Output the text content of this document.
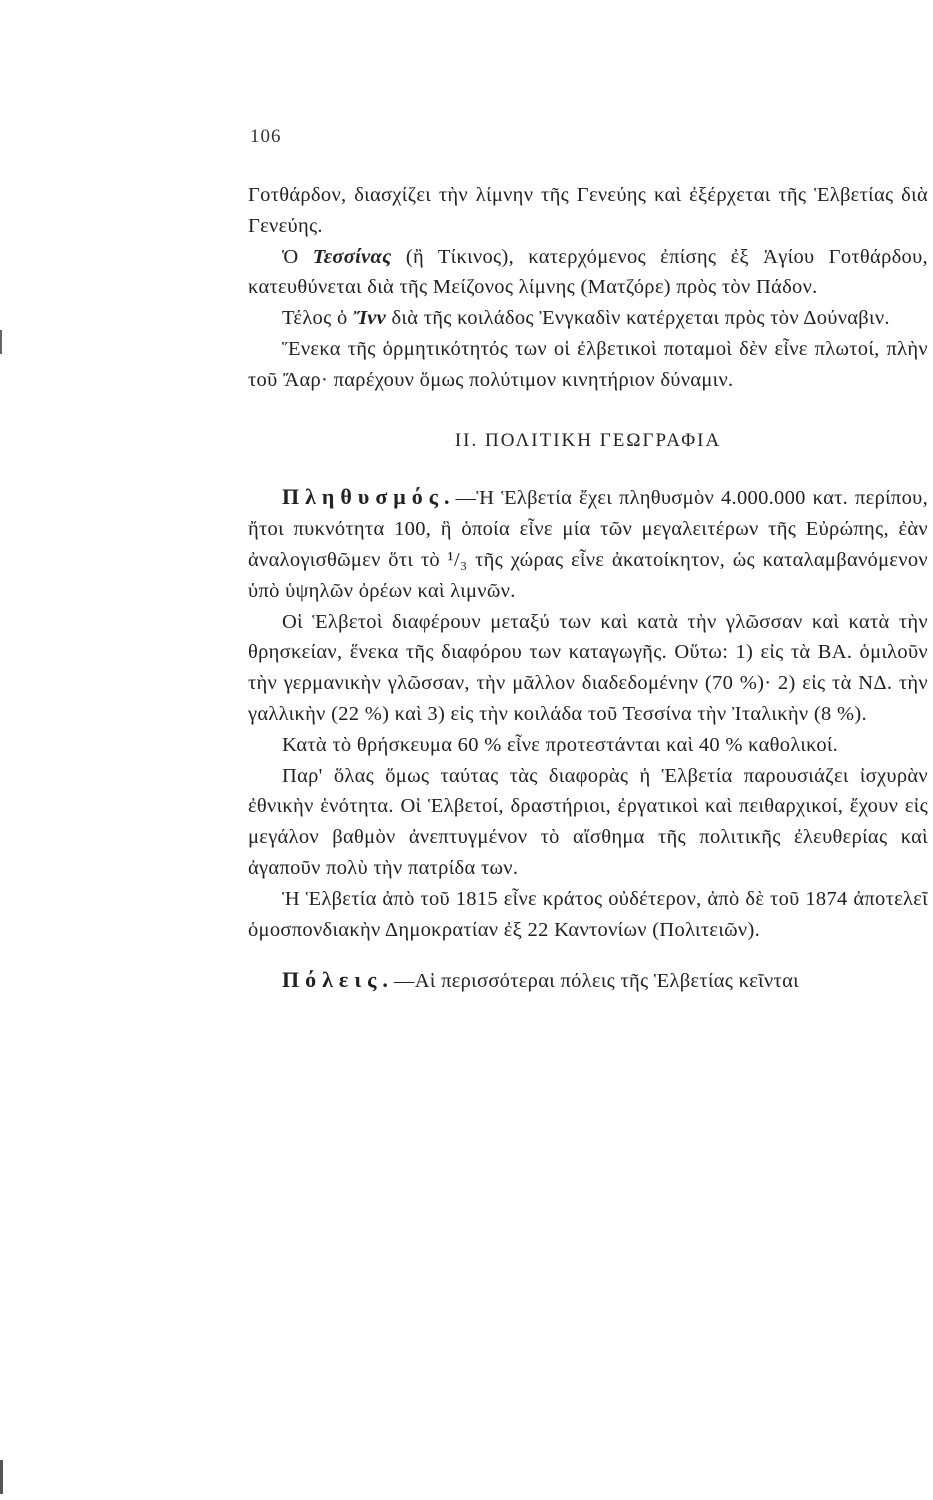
106

Γοτθάρδον, διασχίζει τὴν λίμνην τῆς Γενεύης καὶ ἐξέρχεται τῆς Ἑλβετίας διὰ Γενεύης.

Ὁ Τεσσίνας (ἢ Τίκινος), κατερχόμενος ἐπίσης ἐξ Ἁγίου Γοτθάρδου, κατευθύνεται διὰ τῆς Μείζονος λίμνης (Ματζόρε) πρὸς τὸν Πάδον.

Τέλος ὁ Ἴνν διὰ τῆς κοιλάδος Ἐνγκαδὶν κατέρχεται πρὸς τὸν Δούναβιν.

Ἕνεκα τῆς ὁρμητικότητός των οἱ ἐλβετικοὶ ποταμοὶ δὲν εἶνε πλωτοί, πλὴν τοῦ Ἄαρ· παρέχουν ὅμως πολύτιμον κινητήριον δύναμιν.

II. ΠΟΛΙΤΙΚΗ ΓΕΩΓΡΑΦΙΑ

Πληθυσμός.—Ἡ Ἑλβετία ἔχει πληθυσμὸν 4.000.000 κατ. περίπου, ἤτοι πυκνότητα 100, ἣ ὁποία εἶνε μία τῶν μεγαλειτέρων τῆς Εὐρώπης, ἐὰν ἀναλογισθῶμεν ὅτι τὸ ¹/₃ τῆς χώρας εἶνε ἀκατοίκητον, ὡς καταλαμβανόμενον ὑπὸ ὑψηλῶν ὀρέων καὶ λιμνῶν.

Οἱ Ἑλβετοὶ διαφέρουν μεταξύ των καὶ κατὰ τὴν γλῶσσαν καὶ κατὰ τὴν θρησκείαν, ἕνεκα τῆς διαφόρου των καταγωγῆς. Οὕτω: 1) εἰς τὰ ΒΑ. ὁμιλοῦν τὴν γερμανικὴν γλῶσσαν, τὴν μᾶλλον διαδεδομένην (70 %)· 2) εἰς τὰ ΝΔ. τὴν γαλλικὴν (22 %) καὶ 3) εἰς τὴν κοιλάδα τοῦ Τεσσίνα τὴν Ἰταλικὴν (8 %).

Κατὰ τὸ θρήσκευμα 60 % εἶνε προτεστάνται καὶ 40 % καθολικοί.

Παρ' ὅλας ὅμως ταύτας τὰς διαφορὰς ἡ Ἑλβετία παρουσιάζει ἰσχυρὰν ἐθνικὴν ἑνότητα. Οἱ Ἑλβετοί, δραστήριοι, ἐργατικοὶ καὶ πειθαρχικοί, ἔχουν εἰς μεγάλον βαθμὸν ἀνεπτυγμένον τὸ αἴσθημα τῆς πολιτικῆς ἐλευθερίας καὶ ἀγαποῦν πολὺ τὴν πατρίδα των.

Ἡ Ἑλβετία ἀπὸ τοῦ 1815 εἶνε κράτος οὐδέτερον, ἀπὸ δὲ τοῦ 1874 ἀποτελεῖ ὁμοσπονδιακὴν Δημοκρατίαν ἐξ 22 Καντονίων (Πολιτειῶν).

Πόλεις.—Αἱ περισσότεραι πόλεις τῆς Ἑλβετίας κεῖνται
